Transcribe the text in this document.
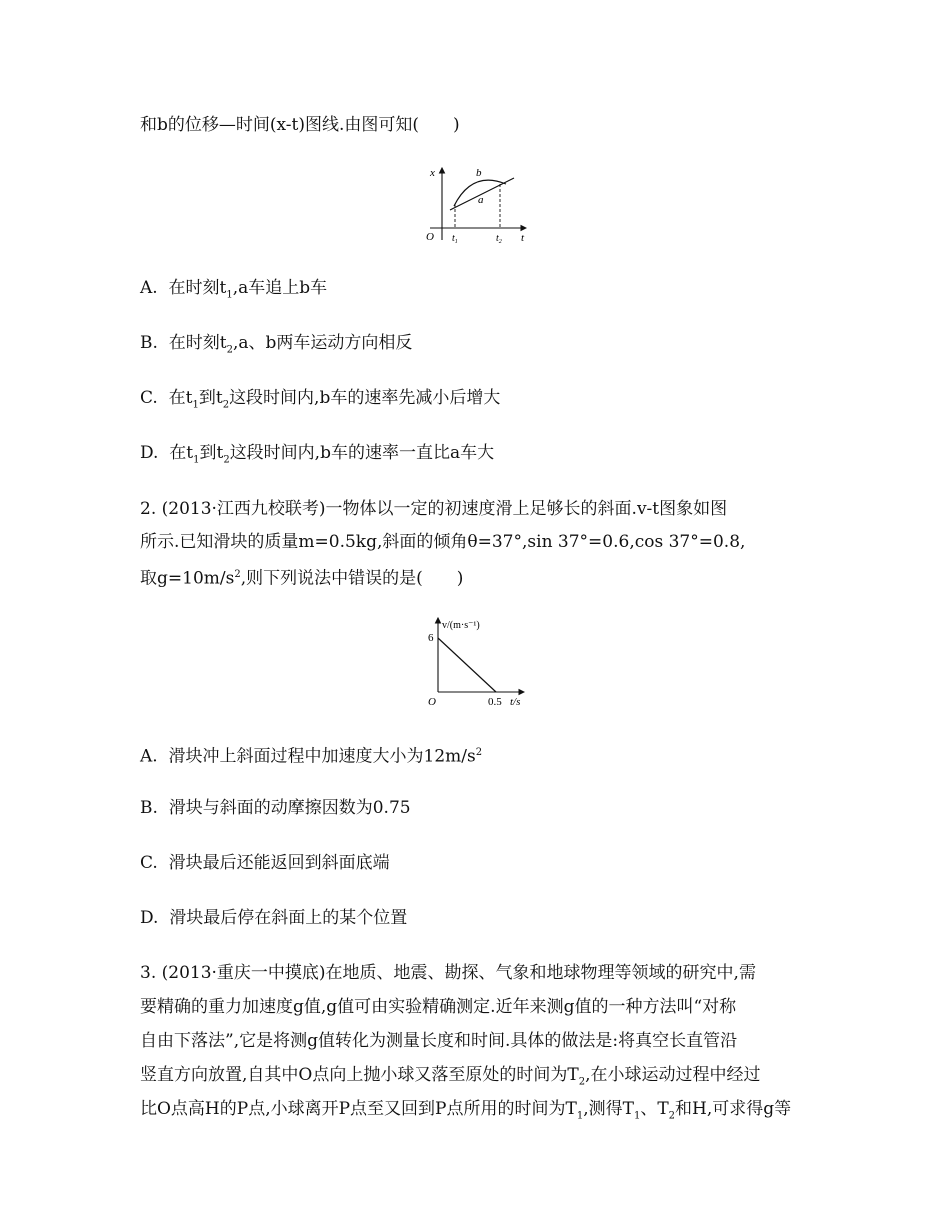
和b的位移—时间(x-t)图线.由图可知(　　)
x
t
O
b
a
$t_1$	$t_2$
A. 在时刻$t_1,a$车追上b车
B. 在时刻$t_2,a$、b两车运动方向相反
C. 在$t_1$到$t_2$这段时间内,b车的速率先减小后增大
D. 在$t_1$到$t_2$这段时间内,b车的速率一直比a车大
2. (2013·江西九校联考)一物体以一定的初速度滑上足够长的斜面.v-t图象如图
所示.已知滑块的质量m=0.5kg,斜面的倾角θ=37°,sin 37°=0.6,cos 37°=0.8,
取$g=10m/s^2$,则下列说法中错误的是(　　)
v/(m·s⁻¹)
6
O	0.5 t/s
A. 滑块冲上斜面过程中加速度大小为$12m/s^2$
B. 滑块与斜面的动摩擦因数为0.75
C. 滑块最后还能返回到斜面底端
D. 滑块最后停在斜面上的某个位置
3. (2013·重庆一中摸底)在地质、地震、勘探、气象和地球物理等领域的研究中,需
要精确的重力加速度g值,g值可由实验精确测定.近年来测g值的一种方法叫“对称
自由下落法”,它是将测g值转化为测量长度和时间.具体的做法是:将真空长直管沿
竖直方向放置,自其中O点向上抛小球又落至原处的时间为$T_2$,在小球运动过程中经过
比O点高H的P点,小球离开P点至又回到P点所用的时间为$T_1$,测得$T_1$、$T_2$和H,可求得g等
